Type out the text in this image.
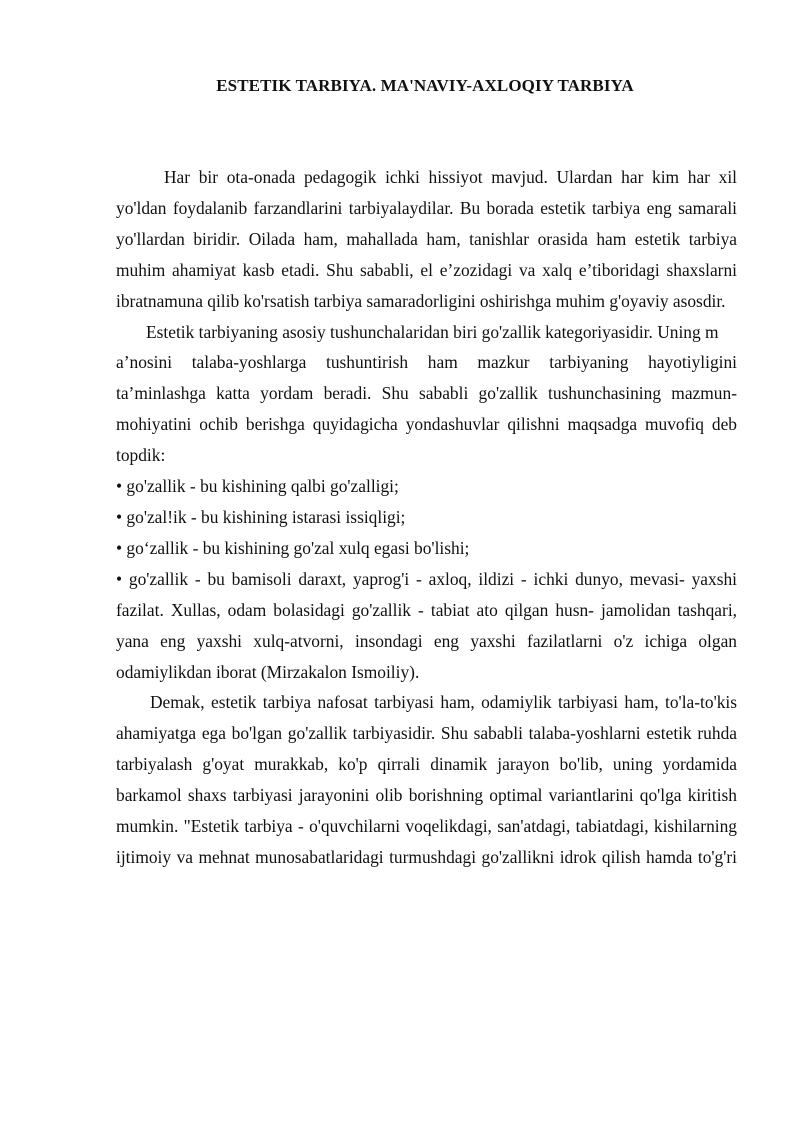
ESTETIK TARBIYA. MA'NAVIY-AXLOQIY TARBIYA

Har bir ota-onada pedagogik ichki hissiyot mavjud. Ulardan har kim har xil yo'ldan foydalanib farzandlarini tarbiyalaydilar. Bu borada estetik tarbiya eng samarali yo'llardan biridir. Oilada ham, mahallada ham, tanishlar orasida ham estetik tarbiya muhim ahamiyat kasb etadi. Shu sababli, el e’zozidagi va xalq e’tiboridagi shaxslarni ibratnamuna qilib ko'rsatish tarbiya samaradorligini oshirishga muhim g'oyaviy asosdir.

Estetik tarbiyaning asosiy tushunchalaridan biri go'zallik kategoriyasidir. Uning m

a’nosini talaba-yoshlarga tushuntirish ham mazkur tarbiyaning hayotiyligini ta’minlashga katta yordam beradi. Shu sababli go'zallik tushunchasining mazmun-mohiyatini ochib berishga quyidagicha yondashuvlar qilishni maqsadga muvofiq deb topdik:

• go'zallik - bu kishining qalbi go'zalligi;

• go'zal!ik - bu kishining istarasi issiqligi;

• go‘zallik - bu kishining go'zal xulq egasi bo'lishi;

• go'zallik - bu bamisoli daraxt, yaprog'i - axloq, ildizi - ichki dunyo, mevasi- yaxshi fazilat. Xullas, odam bolasidagi go'zallik - tabiat ato qilgan husn- jamolidan tashqari, yana eng yaxshi xulq-atvorni, insondagi eng yaxshi fazilatlarni o'z ichiga olgan odamiylikdan iborat (Mirzakalon Ismoiliy).

Demak, estetik tarbiya nafosat tarbiyasi ham, odamiylik tarbiyasi ham, to'la-to'kis ahamiyatga ega bo'lgan go'zallik tarbiyasidir. Shu sababli talaba-yoshlarni estetik ruhda tarbiyalash g'oyat murakkab, ko'p qirrali dinamik jarayon bo'lib, uning yordamida barkamol shaxs tarbiyasi jarayonini olib borishning optimal variantlarini qo'lga kiritish mumkin. "Estetik tarbiya - o'quvchilarni voqelikdagi, san'atdagi, tabiatdagi, kishilarning ijtimoiy va mehnat munosabatlaridagi turmushdagi go'zallikni idrok qilish hamda to'g'ri
